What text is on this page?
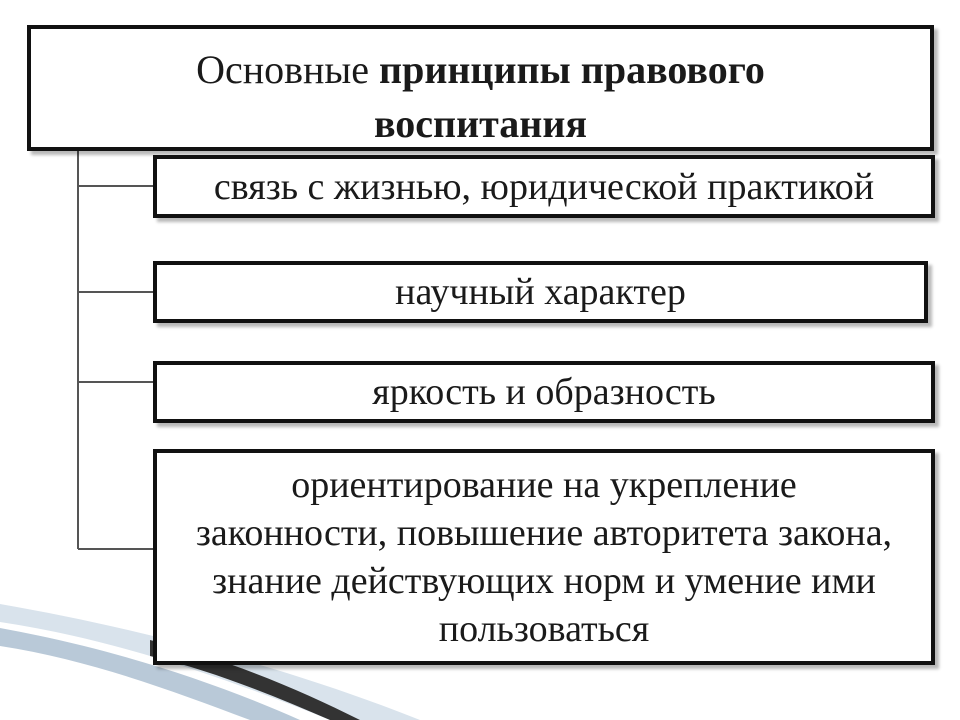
Основные принципы правового
воспитания
связь с жизнью, юридической практикой
научный характер
яркость и образность
ориентирование на укрепление законности, повышение авторитета закона, знание действующих норм и умение ими пользоваться
